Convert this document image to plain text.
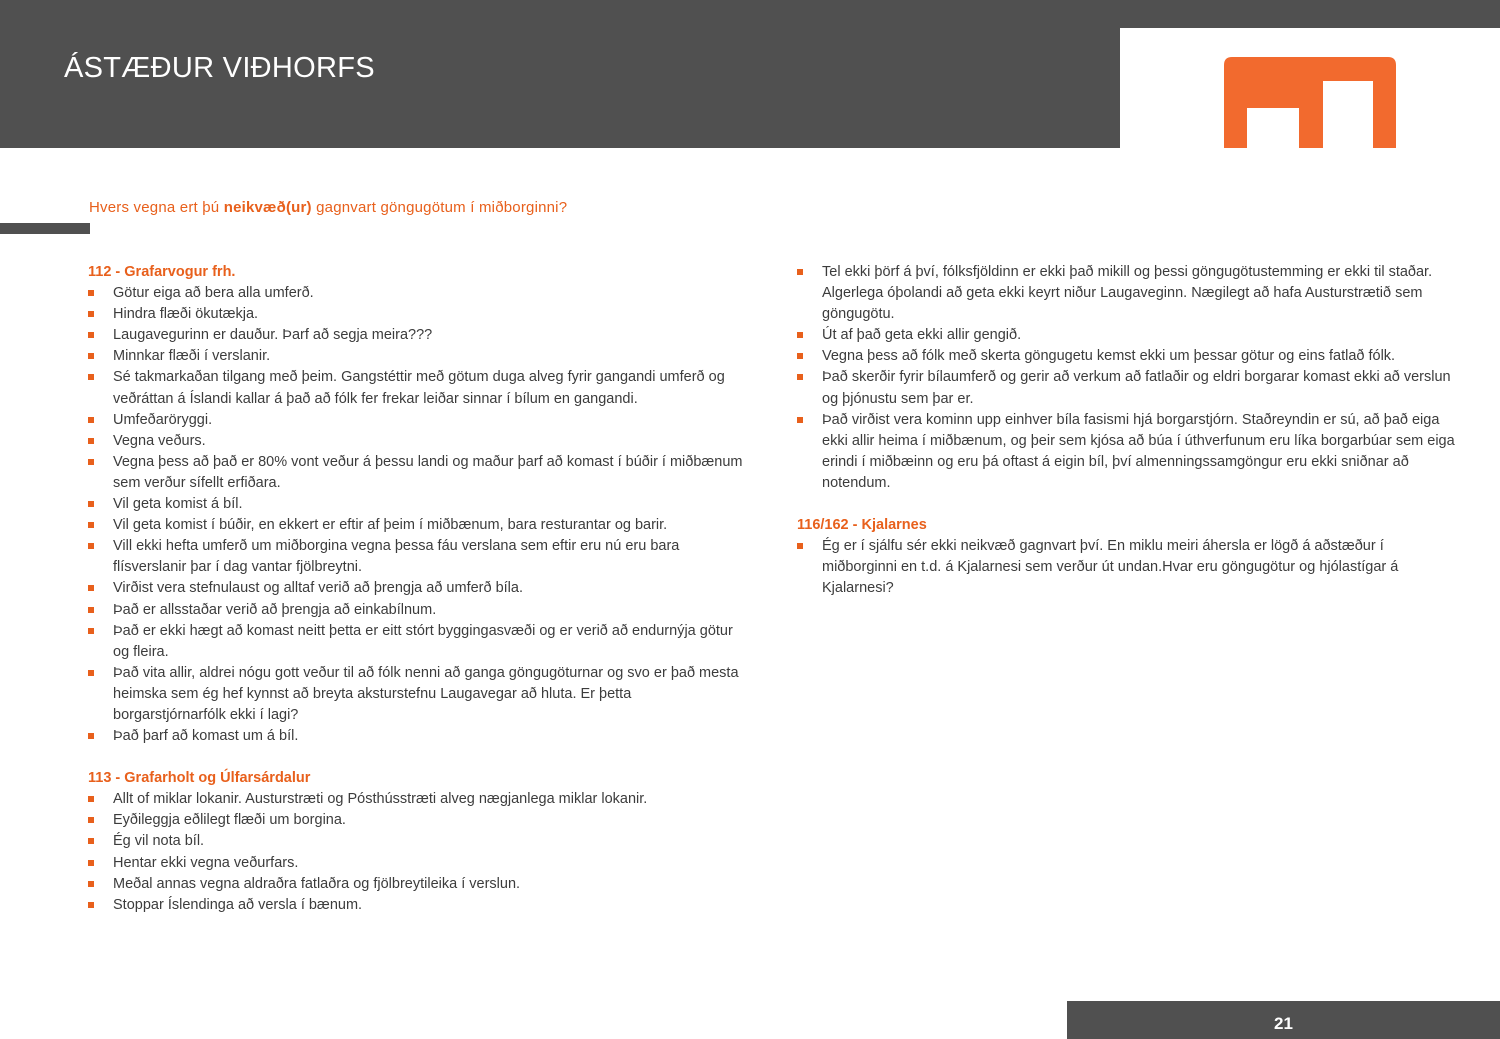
ÁSTÆÐUR VIÐHORFS
Hvers vegna ert þú neikvæð(ur) gagnvart göngugötum í miðborginni?
112 - Grafarvogur frh.
Götur eiga að bera alla umferð.
Hindra flæði ökutækja.
Laugavegurinn er dauður. Þarf að segja meira???
Minnkar flæði í verslanir.
Sé takmarkaðan tilgang með þeim. Gangstéttir með götum duga alveg fyrir gangandi umferð og veðráttan á Íslandi kallar á það að fólk fer frekar leiðar sinnar í bílum en gangandi.
Umfeðaröryggi.
Vegna veðurs.
Vegna þess að það er 80% vont veður á þessu landi og maður þarf að komast í búðir í miðbænum sem verður sífellt erfiðara.
Vil geta komist á bíl.
Vil geta komist í búðir, en ekkert er eftir af þeim í miðbænum, bara resturantar og barir.
Vill ekki hefta umferð um miðborgina vegna þessa fáu verslana sem eftir eru nú eru bara flísverslanir þar í dag vantar fjölbreytni.
Virðist vera stefnulaust og alltaf verið að þrengja að umferð bíla.
Það er allsstaðar verið að þrengja að einkabílnum.
Það er ekki hægt að komast neitt þetta er eitt stórt byggingasvæði og er verið að endurnýja götur og fleira.
Það vita allir, aldrei nógu gott veður til að fólk nenni að ganga göngugöturnar og svo er það mesta heimska sem ég hef kynnst að breyta aksturstefnu Laugavegar að hluta. Er þetta borgarstjórnarfólk ekki í lagi?
Það þarf að komast um á bíl.
113 - Grafarholt og Úlfarsárdalur
Allt of miklar lokanir. Austurstræti og Pósthússtræti alveg nægjanlega miklar lokanir.
Eyðileggja eðlilegt flæði um borgina.
Ég vil nota bíl.
Hentar ekki vegna veðurfars.
Meðal annas vegna aldraðra fatlaðra og fjölbreytileika í verslun.
Stoppar Íslendinga að versla í bænum.
Tel ekki þörf á því, fólksfjöldinn er ekki það mikill og þessi göngugötustemming er ekki til staðar. Algerlega óþolandi að geta ekki keyrt niður Laugaveginn. Nægilegt að hafa Austurstrætið sem göngugötu.
Út af það geta ekki allir gengið.
Vegna þess að fólk með skerta göngugetu kemst ekki um þessar götur og eins fatlað fólk.
Það skerðir fyrir bílaumferð og gerir að verkum að fatlaðir og eldri borgarar komast ekki að verslun og þjónustu sem þar er.
Það virðist vera kominn upp einhver bíla fasismi hjá borgarstjórn. Staðreyndin er sú, að það eiga ekki allir heima í miðbænum, og þeir sem kjósa að búa í úthverfunum eru líka borgarbúar sem eiga erindi í miðbæinn og eru þá oftast á eigin bíl, því almenningssamgöngur eru ekki sniðnar að notendum.
116/162 - Kjalarnes
Ég er í sjálfu sér ekki neikvæð gagnvart því. En miklu meiri áhersla er lögð á aðstæður í miðborginni en t.d. á Kjalarnesi sem verður út undan.Hvar eru göngugötur og hjólastígar á Kjalarnesi?
21
